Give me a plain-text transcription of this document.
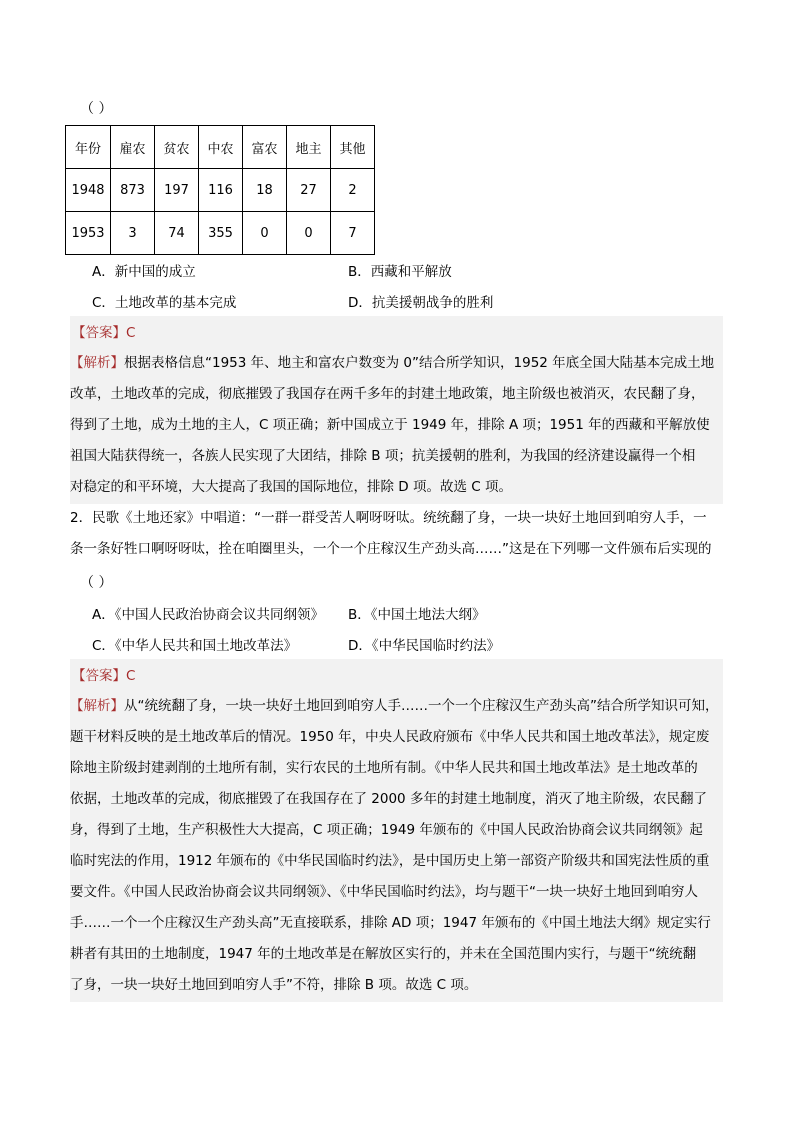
（ ）
年份	雇农	贫农	中农	富农	地主	其他
1948	873	197	116	18	27	2
1953	3	74	355	0	0	7
A．新中国的成立	B．西藏和平解放
C．土地改革的基本完成	D．抗美援朝战争的胜利
【答案】C
【解析】根据表格信息“1953 年、地主和富农户数变为 0”结合所学知识，1952 年底全国大陆基本完成土地
改革，土地改革的完成，彻底摧毁了我国存在两千多年的封建土地政策，地主阶级也被消灭，农民翻了身，
得到了土地，成为土地的主人，C 项正确；新中国成立于 1949 年，排除 A 项；1951 年的西藏和平解放使
祖国大陆获得统一，各族人民实现了大团结，排除 B 项；抗美援朝的胜利，为我国的经济建设赢得一个相
对稳定的和平环境，大大提高了我国的国际地位，排除 D 项。故选 C 项。
2．民歌《土地还家》中唱道：“一群一群受苦人啊呀呀呔。统统翻了身，一块一块好土地回到咱穷人手，一
条一条好牲口啊呀呀呔，拴在咱圈里头，一个一个庄稼汉生产劲头高……”这是在下列哪一文件颁布后实现的
（ ）
A．《中国人民政治协商会议共同纲领》 B．《中国土地法大纲》
C．《中华人民共和国土地改革法》	D．《中华民国临时约法》
【答案】C
【解析】从“统统翻了身，一块一块好土地回到咱穷人手……一个一个庄稼汉生产劲头高”结合所学知识可知，
题干材料反映的是土地改革后的情况。1950 年，中央人民政府颁布《中华人民共和国土地改革法》，规定废
除地主阶级封建剥削的土地所有制，实行农民的土地所有制。《中华人民共和国土地改革法》是土地改革的
依据，土地改革的完成，彻底摧毁了在我国存在了 2000 多年的封建土地制度，消灭了地主阶级，农民翻了
身，得到了土地，生产积极性大大提高，C 项正确；1949 年颁布的《中国人民政治协商会议共同纲领》起
临时宪法的作用，1912 年颁布的《中华民国临时约法》，是中国历史上第一部资产阶级共和国宪法性质的重
要文件。《中国人民政治协商会议共同纲领》、《中华民国临时约法》，均与题干“一块一块好土地回到咱穷人
手……一个一个庄稼汉生产劲头高”无直接联系，排除 AD 项；1947 年颁布的《中国土地法大纲》规定实行
耕者有其田的土地制度，1947 年的土地改革是在解放区实行的，并未在全国范围内实行，与题干“统统翻
了身，一块一块好土地回到咱穷人手”不符，排除 B 项。故选 C 项。
